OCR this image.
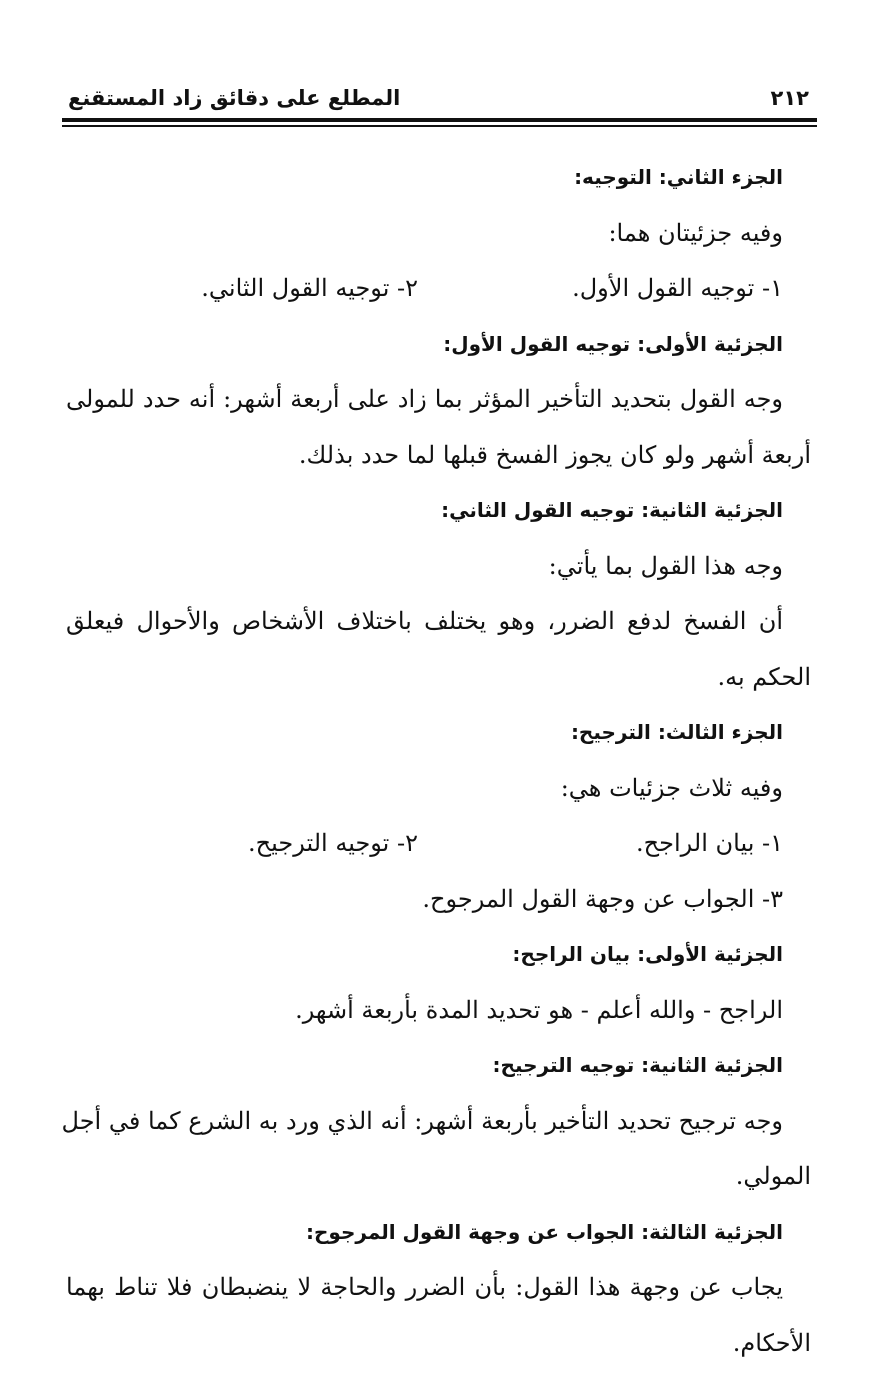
٢١٢
المطلع على دقائق زاد المستقنع
الجزء الثاني: التوجيه:
وفيه جزئيتان هما:
١- توجيه القول الأول.
٢- توجيه القول الثاني.
الجزئية الأولى: توجيه القول الأول:
وجه القول بتحديد التأخير المؤثر بما زاد على أربعة أشهر: أنه حدد للمولى
أربعة أشهر ولو كان يجوز الفسخ قبلها لما حدد بذلك.
الجزئية الثانية: توجيه القول الثاني:
وجه هذا القول بما يأتي:
أن الفسخ لدفع الضرر، وهو يختلف باختلاف الأشخاص والأحوال فيعلق
الحكم به.
الجزء الثالث: الترجيح:
وفيه ثلاث جزئيات هي:
١- بيان الراجح.
٢- توجيه الترجيح.
٣- الجواب عن وجهة القول المرجوح.
الجزئية الأولى: بيان الراجح:
الراجح - والله أعلم - هو تحديد المدة بأربعة أشهر.
الجزئية الثانية: توجيه الترجيح:
وجه ترجيح تحديد التأخير بأربعة أشهر: أنه الذي ورد به الشرع كما في أجل
المولي.
الجزئية الثالثة: الجواب عن وجهة القول المرجوح:
يجاب عن وجهة هذا القول: بأن الضرر والحاجة لا ينضبطان فلا تناط بهما
الأحكام.
